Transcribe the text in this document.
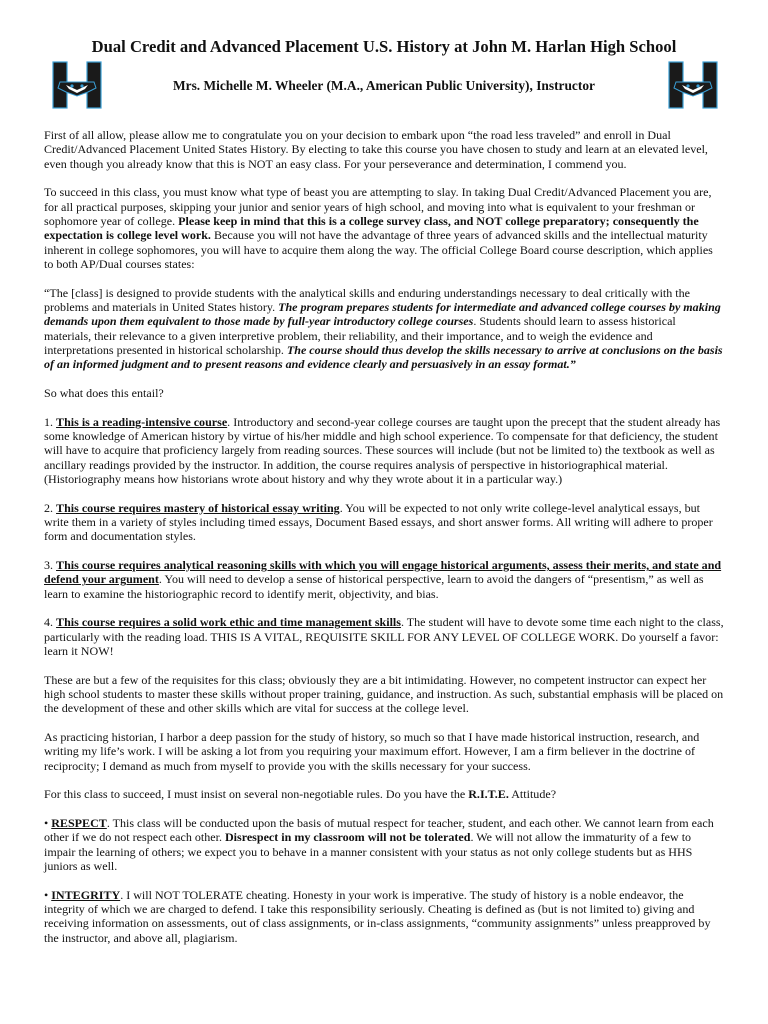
Dual Credit and Advanced Placement U.S. History at John M. Harlan High School
Mrs. Michelle M. Wheeler (M.A., American Public University), Instructor

First of all allow, please allow me to congratulate you on your decision to embark upon “the road less traveled” and enroll in Dual Credit/Advanced Placement United States History. By electing to take this course you have chosen to study and learn at an elevated level, even though you already know that this is NOT an easy class. For your perseverance and determination, I commend you.

To succeed in this class, you must know what type of beast you are attempting to slay. In taking Dual Credit/Advanced Placement you are, for all practical purposes, skipping your junior and senior years of high school, and moving into what is equivalent to your freshman or sophomore year of college. Please keep in mind that this is a college survey class, and NOT college preparatory; consequently the expectation is college level work. Because you will not have the advantage of three years of advanced skills and the intellectual maturity inherent in college sophomores, you will have to acquire them along the way. The official College Board course description, which applies to both AP/Dual courses states:

“The [class] is designed to provide students with the analytical skills and enduring understandings necessary to deal critically with the problems and materials in United States history. The program prepares students for intermediate and advanced college courses by making demands upon them equivalent to those made by full-year introductory college courses. Students should learn to assess historical materials, their relevance to a given interpretive problem, their reliability, and their importance, and to weigh the evidence and interpretations presented in historical scholarship. The course should thus develop the skills necessary to arrive at conclusions on the basis of an informed judgment and to present reasons and evidence clearly and persuasively in an essay format.”

So what does this entail?

1. This is a reading-intensive course. Introductory and second-year college courses are taught upon the precept that the student already has some knowledge of American history by virtue of his/her middle and high school experience. To compensate for that deficiency, the student will have to acquire that proficiency largely from reading sources. These sources will include (but not be limited to) the textbook as well as ancillary readings provided by the instructor. In addition, the course requires analysis of perspective in historiographical material. (Historiography means how historians wrote about history and why they wrote about it in a particular way.)

2. This course requires mastery of historical essay writing. You will be expected to not only write college-level analytical essays, but write them in a variety of styles including timed essays, Document Based essays, and short answer forms. All writing will adhere to proper form and documentation styles.

3. This course requires analytical reasoning skills with which you will engage historical arguments, assess their merits, and state and defend your argument. You will need to develop a sense of historical perspective, learn to avoid the dangers of “presentism,” as well as learn to examine the historiographic record to identify merit, objectivity, and bias.

4. This course requires a solid work ethic and time management skills. The student will have to devote some time each night to the class, particularly with the reading load. THIS IS A VITAL, REQUISITE SKILL FOR ANY LEVEL OF COLLEGE WORK. Do yourself a favor: learn it NOW!

These are but a few of the requisites for this class; obviously they are a bit intimidating. However, no competent instructor can expect her high school students to master these skills without proper training, guidance, and instruction. As such, substantial emphasis will be placed on the development of these and other skills which are vital for success at the college level.

As practicing historian, I harbor a deep passion for the study of history, so much so that I have made historical instruction, research, and writing my life’s work. I will be asking a lot from you requiring your maximum effort. However, I am a firm believer in the doctrine of reciprocity; I demand as much from myself to provide you with the skills necessary for your success.

For this class to succeed, I must insist on several non-negotiable rules. Do you have the R.I.T.E. Attitude?

• RESPECT. This class will be conducted upon the basis of mutual respect for teacher, student, and each other. We cannot learn from each other if we do not respect each other. Disrespect in my classroom will not be tolerated. We will not allow the immaturity of a few to impair the learning of others; we expect you to behave in a manner consistent with your status as not only college students but as HHS juniors as well.

• INTEGRITY. I will NOT TOLERATE cheating. Honesty in your work is imperative. The study of history is a noble endeavor, the integrity of which we are charged to defend. I take this responsibility seriously. Cheating is defined as (but is not limited to) giving and receiving information on assessments, out of class assignments, or in-class assignments, “community assignments” unless preapproved by the instructor, and above all, plagiarism.
